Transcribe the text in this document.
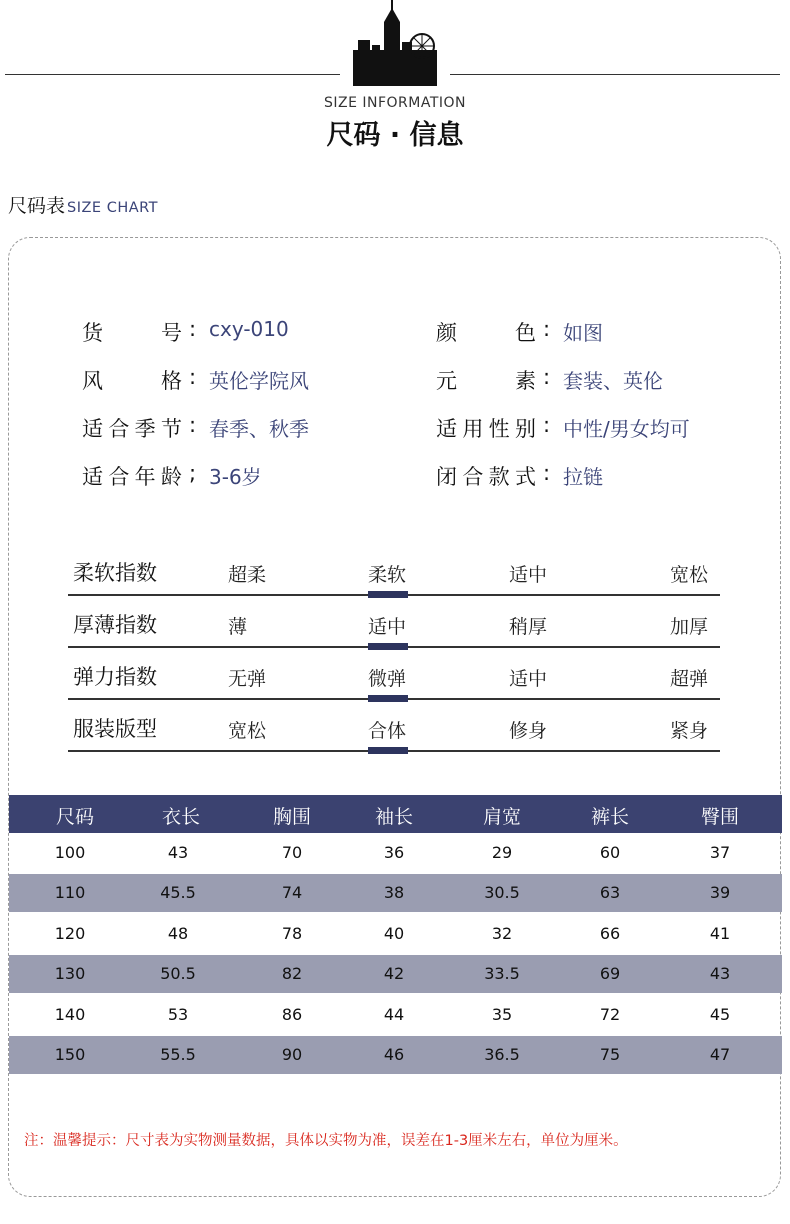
SIZE INFORMATION
尺码 · 信息
尺码表 SIZE CHART
货 号 : cxy-010
风 格 : 英伦学院风
适合季节 : 春季、秋季
适合年龄 ; 3-6岁
颜 色 : 如图
元 素 : 套装、英伦
适用性别 : 中性/男女均可
闭合款式 : 拉链
柔软指数	超柔	柔软	适中	宽松
厚薄指数	薄	适中	稍厚	加厚
弹力指数	无弹	微弹	适中	超弹
服装版型	宽松	合体	修身	紧身
尺码	衣长	胸围	袖长	肩宽	裤长	臀围
100	43	70	36	29	60	37
110	45.5	74	38	30.5	63	39
120	48	78	40	32	66	41
130	50.5	82	42	33.5	69	43
140	53	86	44	35	72	45
150	55.5	90	46	36.5	75	47
注：温馨提示：尺寸表为实物测量数据，具体以实物为准，误差在1-3厘米左右，单位为厘米。
